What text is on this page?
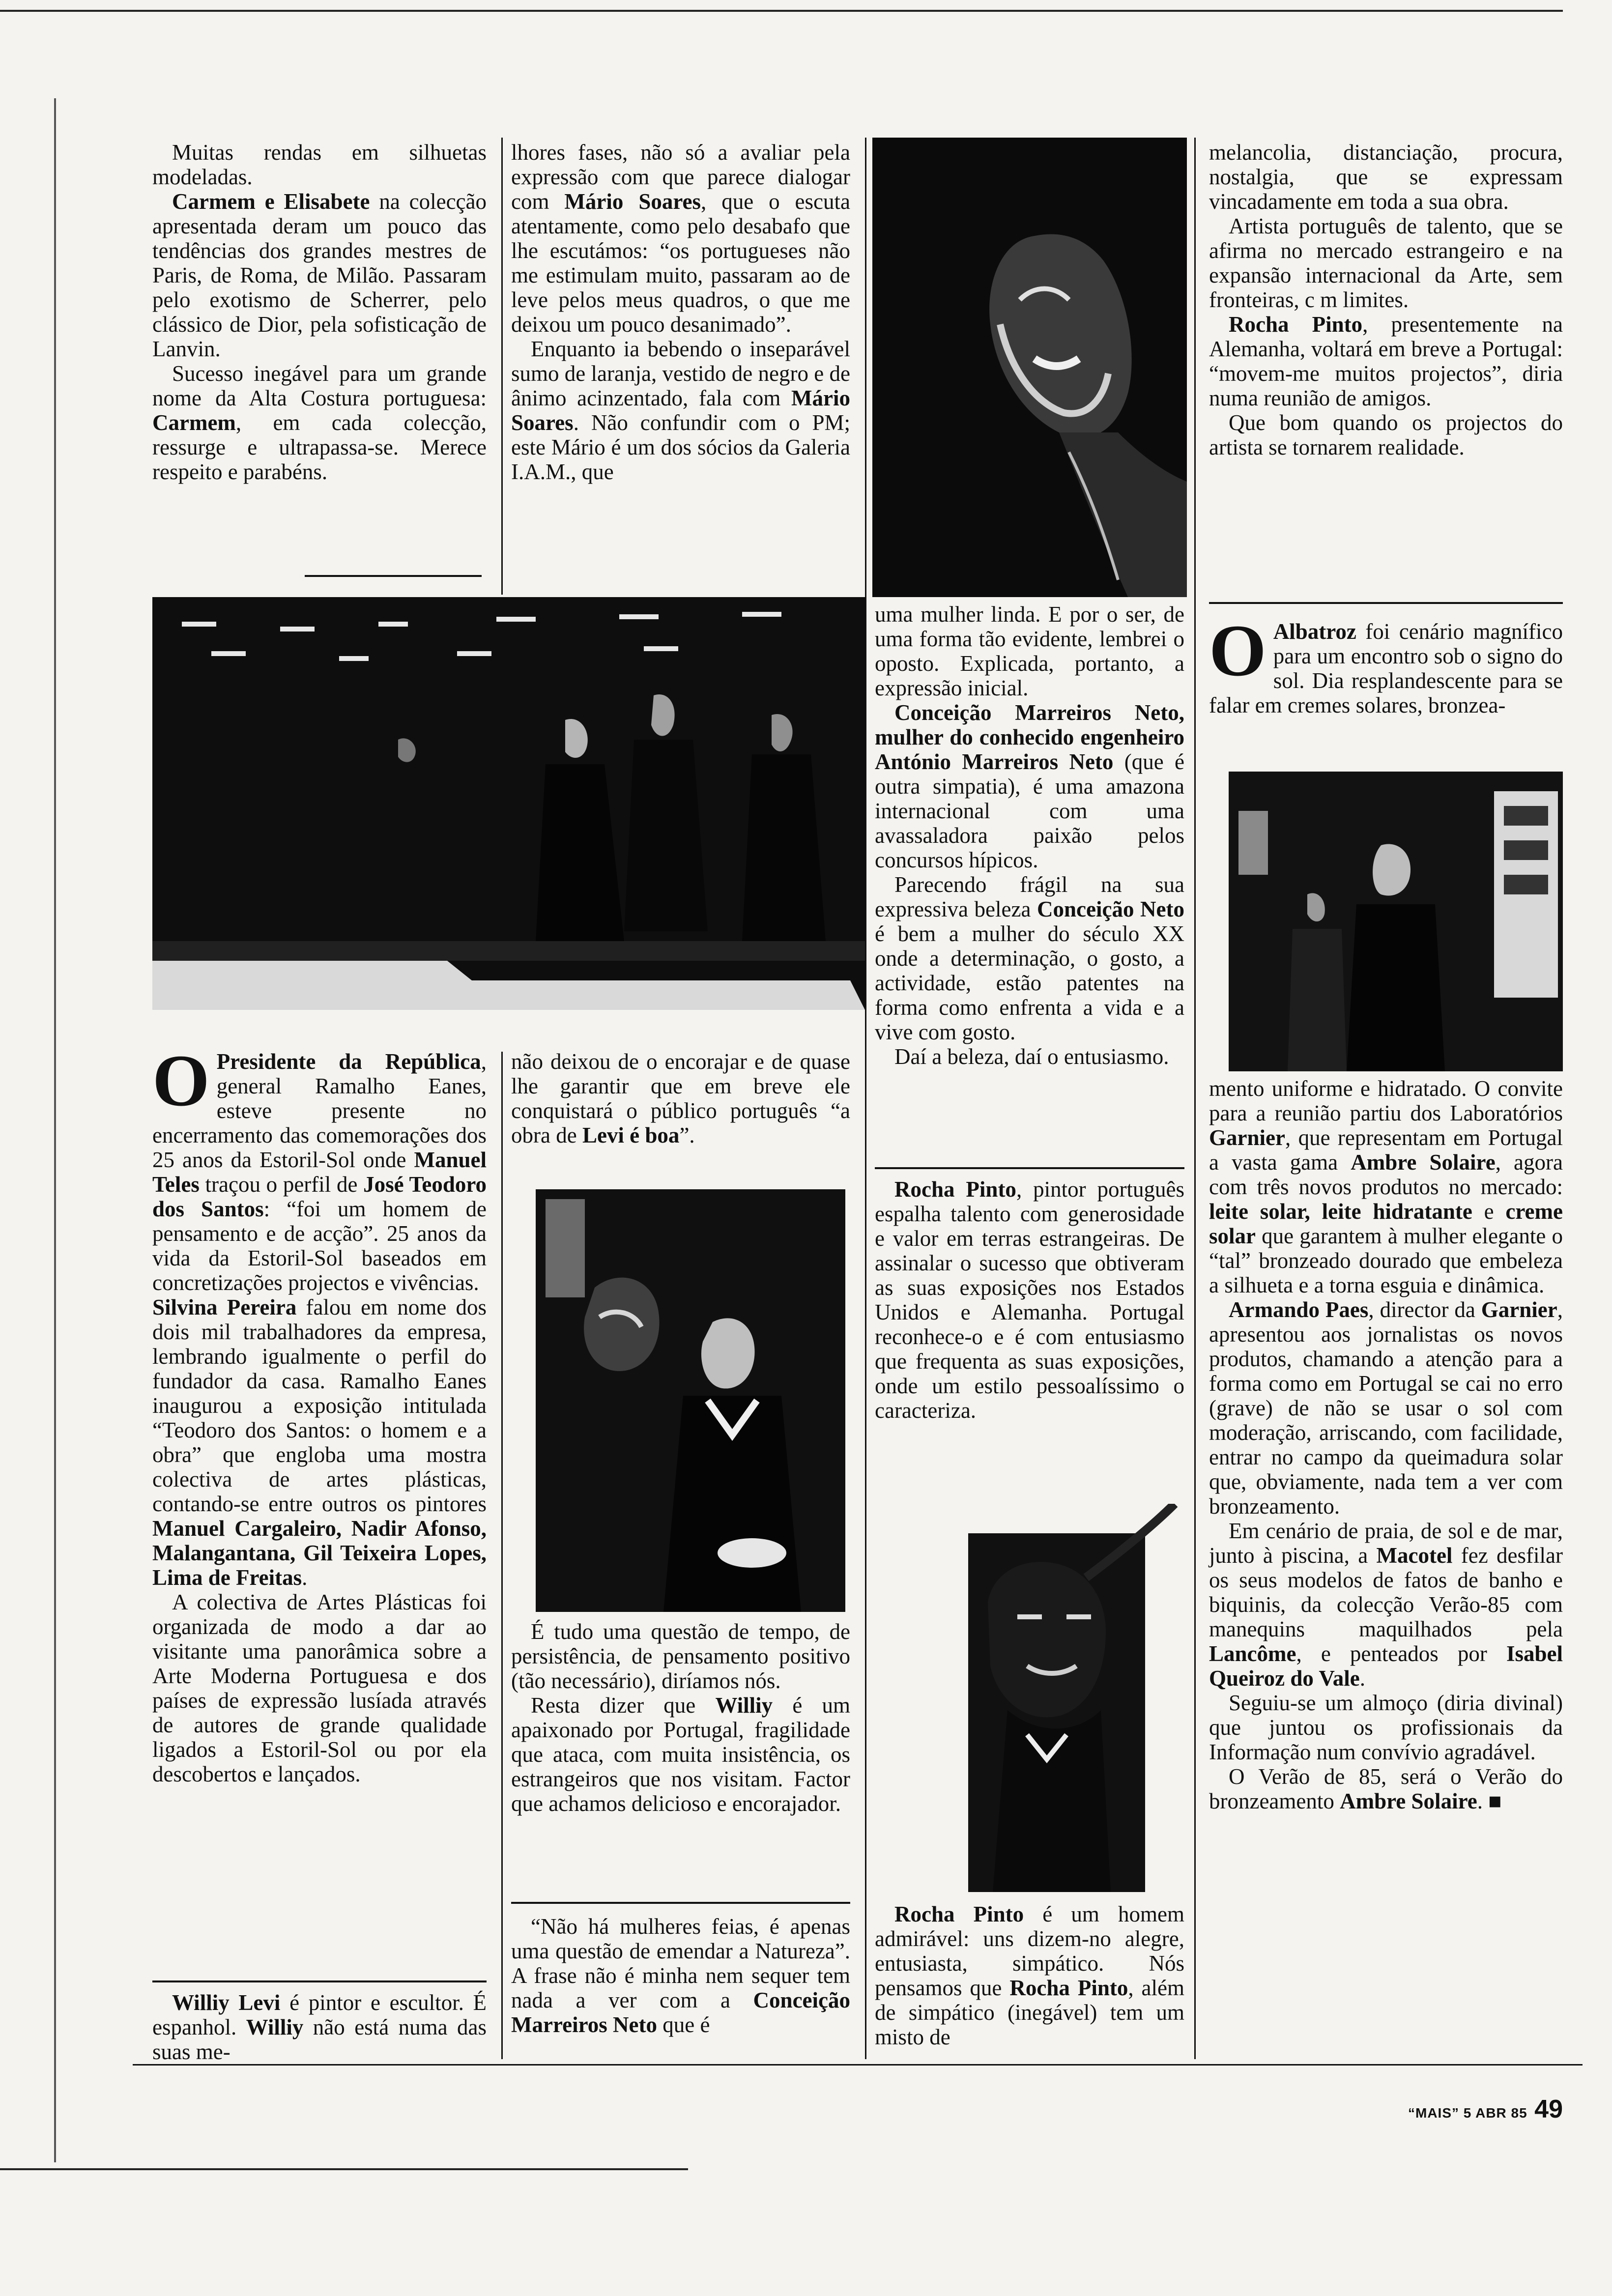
Muitas rendas em silhuetas modeladas.

Carmem e Elisabete na colecção apresentada deram um pouco das tendências dos grandes mestres de Paris, de Roma, de Milão. Passaram pelo exotismo de Scherrer, pelo clássico de Dior, pela sofisticação de Lanvin.

Sucesso inegável para um grande nome da Alta Costura portuguesa: Carmem, em cada colecção, ressurge e ultrapassa-se. Merece respeito e parabéns.

lhores fases, não só a avaliar pela expressão com que parece dialogar com Mário Soares, que o escuta atentamente, como pelo desabafo que lhe escutámos: “os portugueses não me estimulam muito, passaram ao de leve pelos meus quadros, o que me deixou um pouco desanimado”.

Enquanto ia bebendo o inseparável sumo de laranja, vestido de negro e de ânimo acinzentado, fala com Mário Soares. Não confundir com o PM; este Mário é um dos sócios da Galeria I.A.M., que

uma mulher linda. E por o ser, de uma forma tão evidente, lembrei o oposto. Explicada, portanto, a expressão inicial.

Conceição Marreiros Neto, mulher do conhecido engenheiro António Marreiros Neto (que é outra simpatia), é uma amazona internacional com uma avassaladora paixão pelos concursos hípicos.

Parecendo frágil na sua expressiva beleza Conceição Neto é bem a mulher do século XX onde a determinação, o gosto, a actividade, estão patentes na forma como enfrenta a vida e a vive com gosto.

Daí a beleza, daí o entusiasmo.

Rocha Pinto, pintor português espalha talento com generosidade e valor em terras estrangeiras. De assinalar o sucesso que obtiveram as suas exposições nos Estados Unidos e Alemanha. Portugal reconhece-o e é com entusiasmo que frequenta as suas exposições, onde um estilo pessoalíssimo o caracteriza.

Rocha Pinto é um homem admirável: uns dizem-no alegre, entusiasta, simpático. Nós pensamos que Rocha Pinto, além de simpático (inegável) tem um misto de

melancolia, distanciação, procura, nostalgia, que se expressam vincadamente em toda a sua obra.

Artista português de talento, que se afirma no mercado estrangeiro e na expansão internacional da Arte, sem fronteiras, c m limites.

Rocha Pinto, presentemente na Alemanha, voltará em breve a Portugal: “movem-me muitos projectos”, diria numa reunião de amigos.

Que bom quando os projectos do artista se tornarem realidade.

O Albatroz foi cenário magnífico para um encontro sob o signo do sol. Dia resplandescente para se falar em cremes solares, bronzea-

mento uniforme e hidratado. O convite para a reunião partiu dos Laboratórios Garnier, que representam em Portugal a vasta gama Ambre Solaire, agora com três novos produtos no mercado: leite solar, leite hidratante e creme solar que garantem à mulher elegante o “tal” bronzeado dourado que embeleza a silhueta e a torna esguia e dinâmica.

Armando Paes, director da Garnier, apresentou aos jornalistas os novos produtos, chamando a atenção para a forma como em Portugal se cai no erro (grave) de não se usar o sol com moderação, arriscando, com facilidade, entrar no campo da queimadura solar que, obviamente, nada tem a ver com bronzeamento.

Em cenário de praia, de sol e de mar, junto à piscina, a Macotel fez desfilar os seus modelos de fatos de banho e biquinis, da colecção Verão-85 com manequins maquilhados pela Lancôme, e penteados por Isabel Queiroz do Vale.

Seguiu-se um almoço (diria divinal) que juntou os profissionais da Informação num convívio agradável.

O Verão de 85, será o Verão do bronzeamento Ambre Solaire. ■

O Presidente da República, general Ramalho Eanes, esteve presente no encerramento das comemorações dos 25 anos da Estoril-Sol onde Manuel Teles traçou o perfil de José Teodoro dos Santos: “foi um homem de pensamento e de acção”. 25 anos da vida da Estoril-Sol baseados em concretizações projectos e vivências.

Silvina Pereira falou em nome dos dois mil trabalhadores da empresa, lembrando igualmente o perfil do fundador da casa. Ramalho Eanes inaugurou a exposição intitulada “Teodoro dos Santos: o homem e a obra” que engloba uma mostra colectiva de artes plásticas, contando-se entre outros os pintores Manuel Cargaleiro, Nadir Afonso, Malangantana, Gil Teixeira Lopes, Lima de Freitas.

A colectiva de Artes Plásticas foi organizada de modo a dar ao visitante uma panorâmica sobre a Arte Moderna Portuguesa e dos países de expressão lusíada através de autores de grande qualidade ligados a Estoril-Sol ou por ela descobertos e lançados.

Williy Levi é pintor e escultor. É espanhol. Williy não está numa das suas me-

não deixou de o encorajar e de quase lhe garantir que em breve ele conquistará o público português “a obra de Levi é boa”.

É tudo uma questão de tempo, de persistência, de pensamento positivo (tão necessário), diríamos nós.

Resta dizer que Williy é um apaixonado por Portugal, fragilidade que ataca, com muita insistência, os estrangeiros que nos visitam. Factor que achamos delicioso e encorajador.

“Não há mulheres feias, é apenas uma questão de emendar a Natureza”. A frase não é minha nem sequer tem nada a ver com a Conceição Marreiros Neto que é

“MAIS” 5 ABR 85 49
